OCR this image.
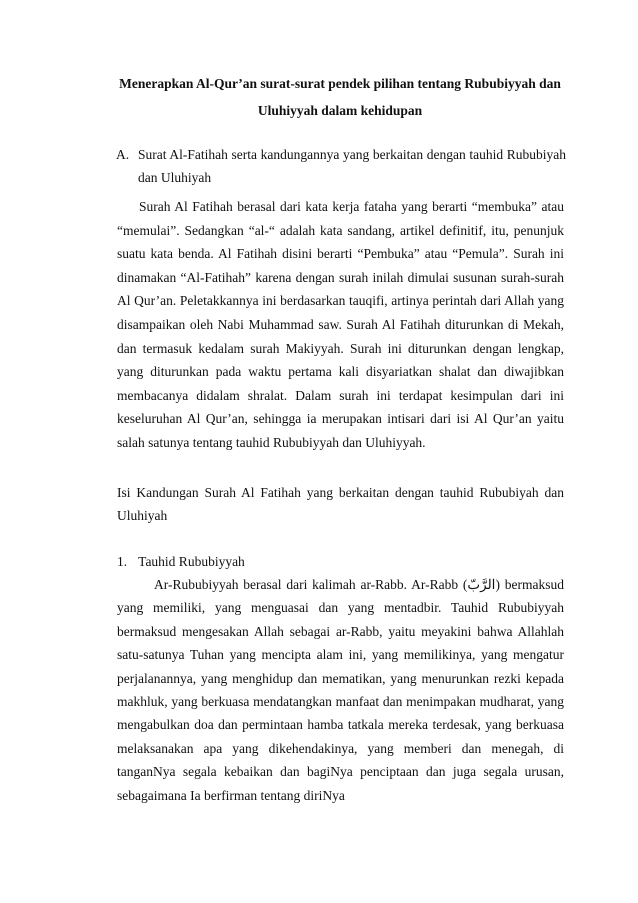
Menerapkan Al-Qur’an surat-surat pendek pilihan tentang Rububiyyah dan
Uluhiyyah dalam kehidupan
A. Surat Al-Fatihah serta kandungannya yang berkaitan dengan tauhid Rububiyah dan Uluhiyah

Surah Al Fatihah berasal dari kata kerja fataha yang berarti “membuka” atau “memulai”. Sedangkan “al-“ adalah kata sandang, artikel definitif, itu, penunjuk suatu kata benda. Al Fatihah disini berarti “Pembuka” atau “Pemula”. Surah ini dinamakan “Al-Fatihah” karena dengan surah inilah dimulai susunan surah-surah Al Qur’an. Peletakkannya ini berdasarkan tauqifi, artinya perintah dari Allah yang disampaikan oleh Nabi Muhammad saw. Surah Al Fatihah diturunkan di Mekah, dan termasuk kedalam surah Makiyyah. Surah ini diturunkan dengan lengkap, yang diturunkan pada waktu pertama kali disyariatkan shalat dan diwajibkan membacanya didalam shralat. Dalam surah ini terdapat kesimpulan dari ini keseluruhan Al Qur’an, sehingga ia merupakan intisari dari isi Al Qur’an yaitu salah satunya tentang tauhid Rububiyyah dan Uluhiyyah.

Isi Kandungan Surah Al Fatihah yang berkaitan dengan tauhid Rububiyah dan Uluhiyah

1. Tauhid Rububiyyah

Ar-Rububiyyah berasal dari kalimah ar-Rabb. Ar-Rabb (الرَّبّ) bermaksud yang memiliki, yang menguasai dan yang mentadbir. Tauhid Rububiyyah bermaksud mengesakan Allah sebagai ar-Rabb, yaitu meyakini bahwa Allahlah satu-satunya Tuhan yang mencipta alam ini, yang memilikinya, yang mengatur perjalanannya, yang menghidup dan mematikan, yang menurunkan rezki kepada makhluk, yang berkuasa mendatangkan manfaat dan menimpakan mudharat, yang mengabulkan doa dan permintaan hamba tatkala mereka terdesak, yang berkuasa melaksanakan apa yang dikehendakinya, yang memberi dan menegah, di tanganNya segala kebaikan dan bagiNya penciptaan dan juga segala urusan, sebagaimana Ia berfirman tentang diriNya
